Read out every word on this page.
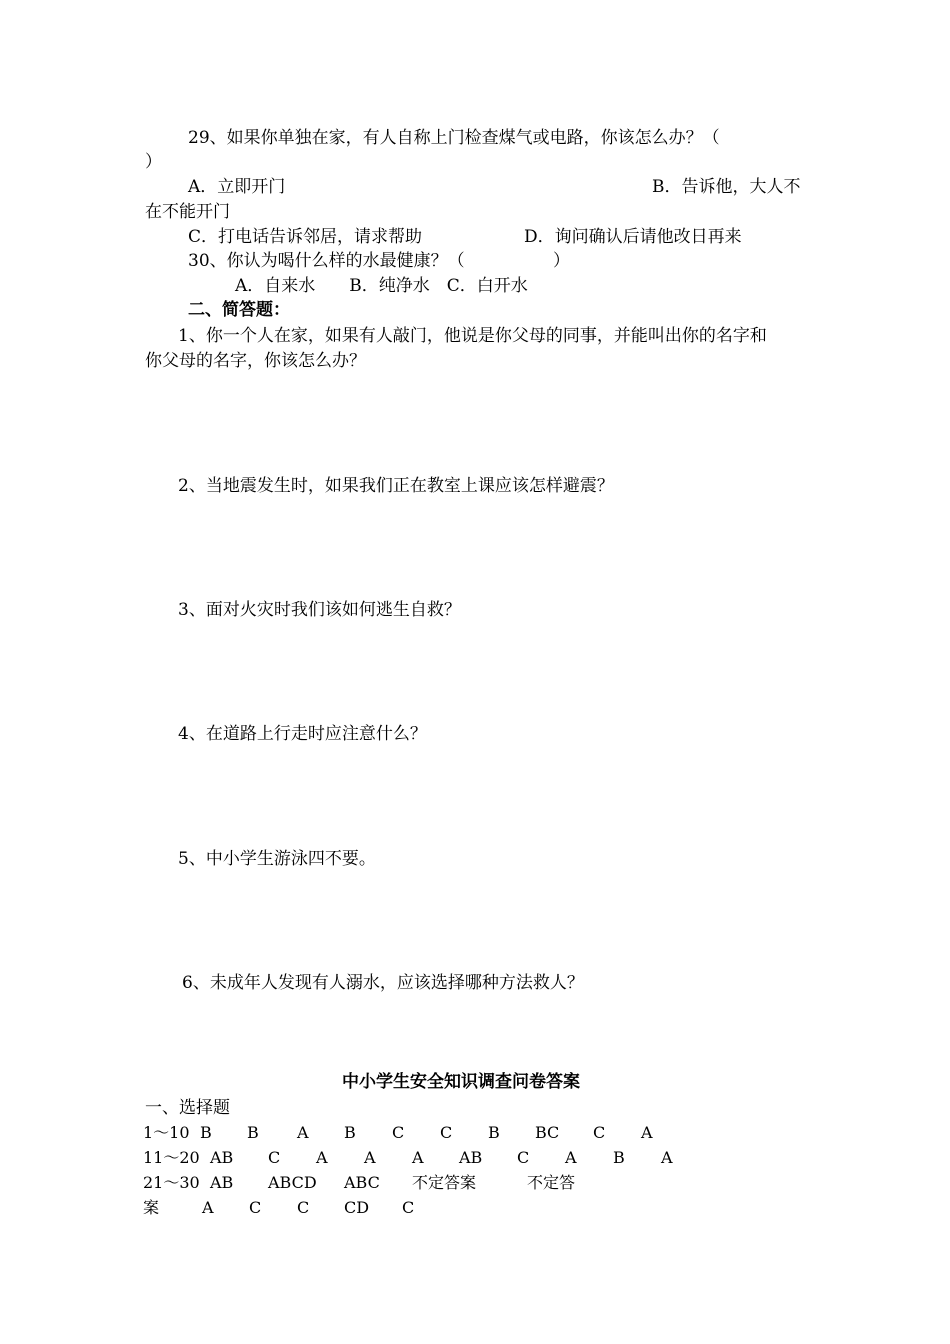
29、如果你单独在家，有人自称上门检查煤气或电路，你该怎么办？（
）
A．立即开门	B．告诉他，大人不
在不能开门
C．打电话告诉邻居，请求帮助	D．询问确认后请他改日再来
30、你认为喝什么样的水最健康？（	）
A．自来水　　B．纯净水　C．白开水
二、简答题：
1、你一个人在家，如果有人敲门，他说是你父母的同事，并能叫出你的名字和
你父母的名字，你该怎么办？
2、当地震发生时，如果我们正在教室上课应该怎样避震？
3、面对火灾时我们该如何逃生自救？
4、在道路上行走时应注意什么？
5、中小学生游泳四不要。
6、未成年人发现有人溺水，应该选择哪种方法救人？
中小学生安全知识调查问卷答案
一、选择题
1～10 B B A B C C B BC C A
11～20 AB C A A A AB C A B A
21～30 AB ABCD ABC 不定答案	不定答
案	A C C CD C
